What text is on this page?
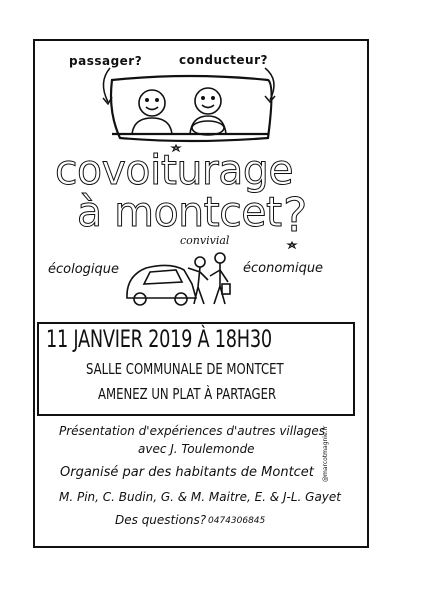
passager?	conducteur?
covoiturage
à montcet ?
convivial
écologique	économique
11 JANVIER 2019 À 18H30
SALLE COMMUNALE DE MONTCET
AMENEZ UN PLAT À PARTAGER
Présentation d'expériences d'autres villages
avec J. Toulemonde
Organisé par des habitants de Montcet
M. Pin, C. Budin, G. & M. Maitre, E. & J-L. Gayet
Des questions? 0474306845
@marcotmagnie.fr
